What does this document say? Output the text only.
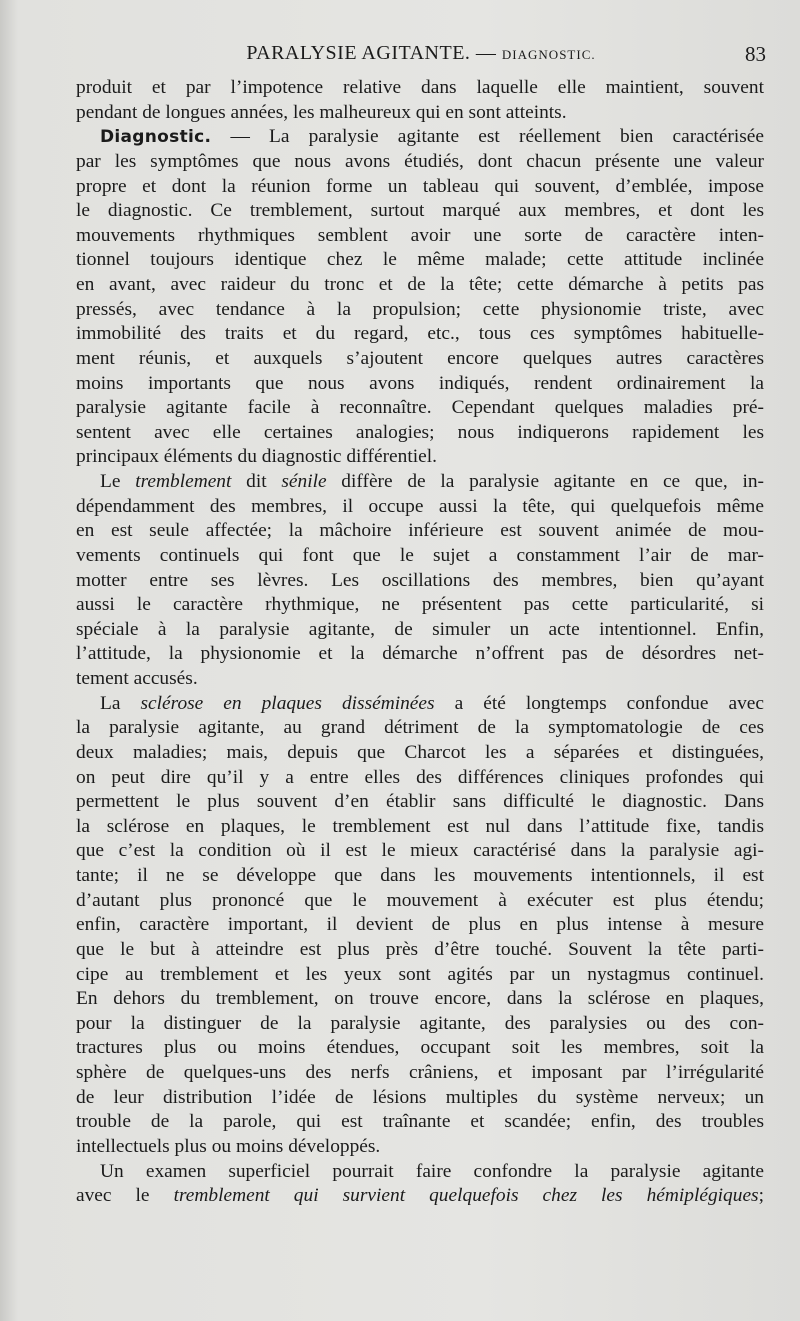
PARALYSIE AGITANTE. — DIAGNOSTIC.	83

produit et par l’impotence relative dans laquelle elle maintient, souvent

pendant de longues années, les malheureux qui en sont atteints.

Diagnostic. — La paralysie agitante est réellement bien caractérisée

par les symptômes que nous avons étudiés, dont chacun présente une valeur

propre et dont la réunion forme un tableau qui souvent, d’emblée, impose

le diagnostic. Ce tremblement, surtout marqué aux membres, et dont les

mouvements rhythmiques semblent avoir une sorte de caractère inten-

tionnel toujours identique chez le même malade; cette attitude inclinée

en avant, avec raideur du tronc et de la tête; cette démarche à petits pas

pressés, avec tendance à la propulsion; cette physionomie triste, avec

immobilité des traits et du regard, etc., tous ces symptômes habituelle-

ment réunis, et auxquels s’ajoutent encore quelques autres caractères

moins importants que nous avons indiqués, rendent ordinairement la

paralysie agitante facile à reconnaître. Cependant quelques maladies pré-

sentent avec elle certaines analogies; nous indiquerons rapidement les

principaux éléments du diagnostic différentiel.

Le tremblement dit sénile diffère de la paralysie agitante en ce que, in-

dépendamment des membres, il occupe aussi la tête, qui quelquefois même

en est seule affectée; la mâchoire inférieure est souvent animée de mou-

vements continuels qui font que le sujet a constamment l’air de mar-

motter entre ses lèvres. Les oscillations des membres, bien qu’ayant

aussi le caractère rhythmique, ne présentent pas cette particularité, si

spéciale à la paralysie agitante, de simuler un acte intentionnel. Enfin,

l’attitude, la physionomie et la démarche n’offrent pas de désordres net-

tement accusés.

La sclérose en plaques disséminées a été longtemps confondue avec

la paralysie agitante, au grand détriment de la symptomatologie de ces

deux maladies; mais, depuis que Charcot les a séparées et distinguées,

on peut dire qu’il y a entre elles des différences cliniques profondes qui

permettent le plus souvent d’en établir sans difficulté le diagnostic. Dans

la sclérose en plaques, le tremblement est nul dans l’attitude fixe, tandis

que c’est la condition où il est le mieux caractérisé dans la paralysie agi-

tante; il ne se développe que dans les mouvements intentionnels, il est

d’autant plus prononcé que le mouvement à exécuter est plus étendu;

enfin, caractère important, il devient de plus en plus intense à mesure

que le but à atteindre est plus près d’être touché. Souvent la tête parti-

cipe au tremblement et les yeux sont agités par un nystagmus continuel.

En dehors du tremblement, on trouve encore, dans la sclérose en plaques,

pour la distinguer de la paralysie agitante, des paralysies ou des con-

tractures plus ou moins étendues, occupant soit les membres, soit la

sphère de quelques-uns des nerfs crâniens, et imposant par l’irrégularité

de leur distribution l’idée de lésions multiples du système nerveux; un

trouble de la parole, qui est traînante et scandée; enfin, des troubles

intellectuels plus ou moins développés.

Un examen superficiel pourrait faire confondre la paralysie agitante

avec le tremblement qui survient quelquefois chez les hémiplégiques;
